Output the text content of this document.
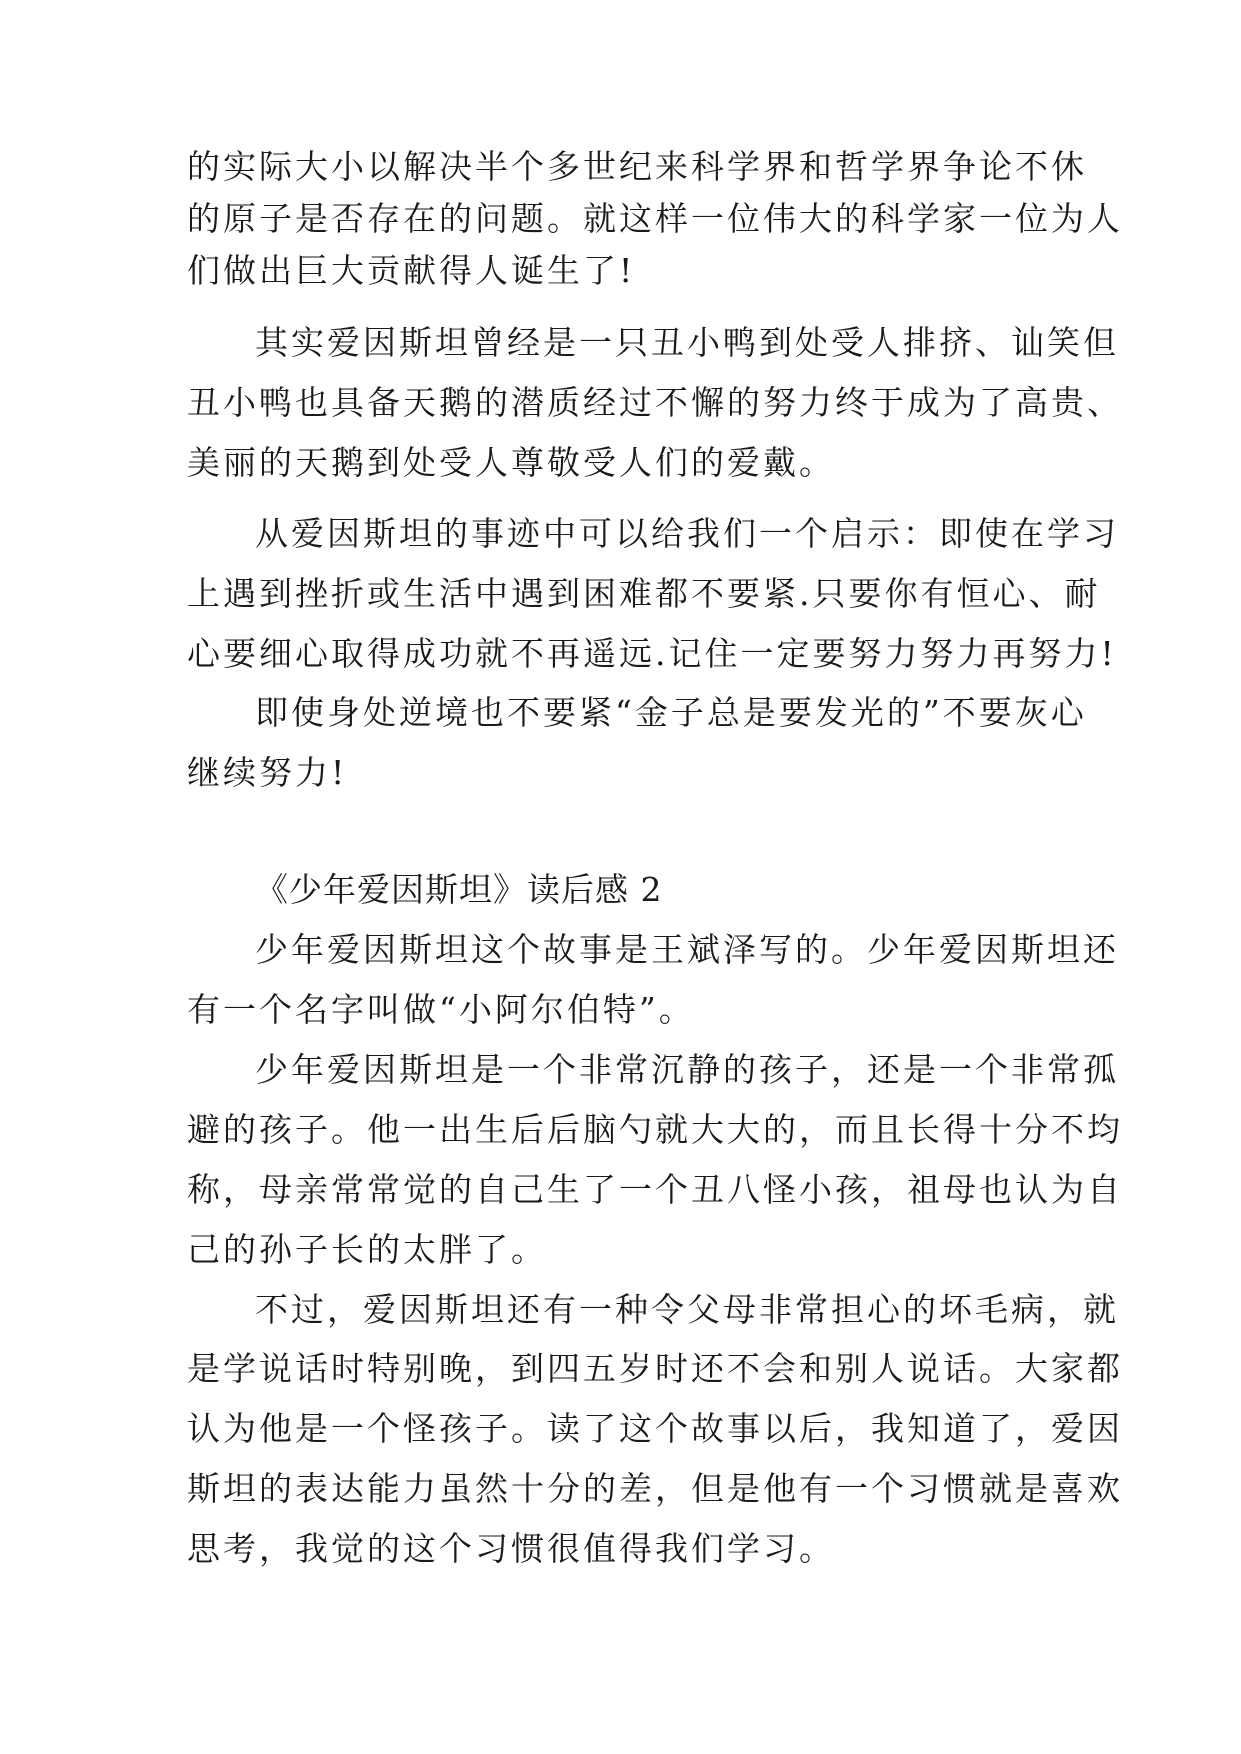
的实际大小以解决半个多世纪来科学界和哲学界争论不休
的原子是否存在的问题。就这样一位伟大的科学家一位为人
们做出巨大贡献得人诞生了!
其实爱因斯坦曾经是一只丑小鸭到处受人排挤、讪笑但
丑小鸭也具备天鹅的潜质经过不懈的努力终于成为了高贵、
美丽的天鹅到处受人尊敬受人们的爱戴。
从爱因斯坦的事迹中可以给我们一个启示：即使在学习
上遇到挫折或生活中遇到困难都不要紧.只要你有恒心、耐
心要细心取得成功就不再遥远.记住一定要努力努力再努力!
即使身处逆境也不要紧“金子总是要发光的”不要灰心
继续努力!
《少年爱因斯坦》读后感 2
少年爱因斯坦这个故事是王斌泽写的。少年爱因斯坦还
有一个名字叫做“小阿尔伯特”。
少年爱因斯坦是一个非常沉静的孩子，还是一个非常孤
避的孩子。他一出生后后脑勺就大大的，而且长得十分不均
称，母亲常常觉的自己生了一个丑八怪小孩，祖母也认为自
己的孙子长的太胖了。
不过，爱因斯坦还有一种令父母非常担心的坏毛病，就
是学说话时特别晚，到四五岁时还不会和别人说话。大家都
认为他是一个怪孩子。读了这个故事以后，我知道了，爱因
斯坦的表达能力虽然十分的差，但是他有一个习惯就是喜欢
思考，我觉的这个习惯很值得我们学习。
